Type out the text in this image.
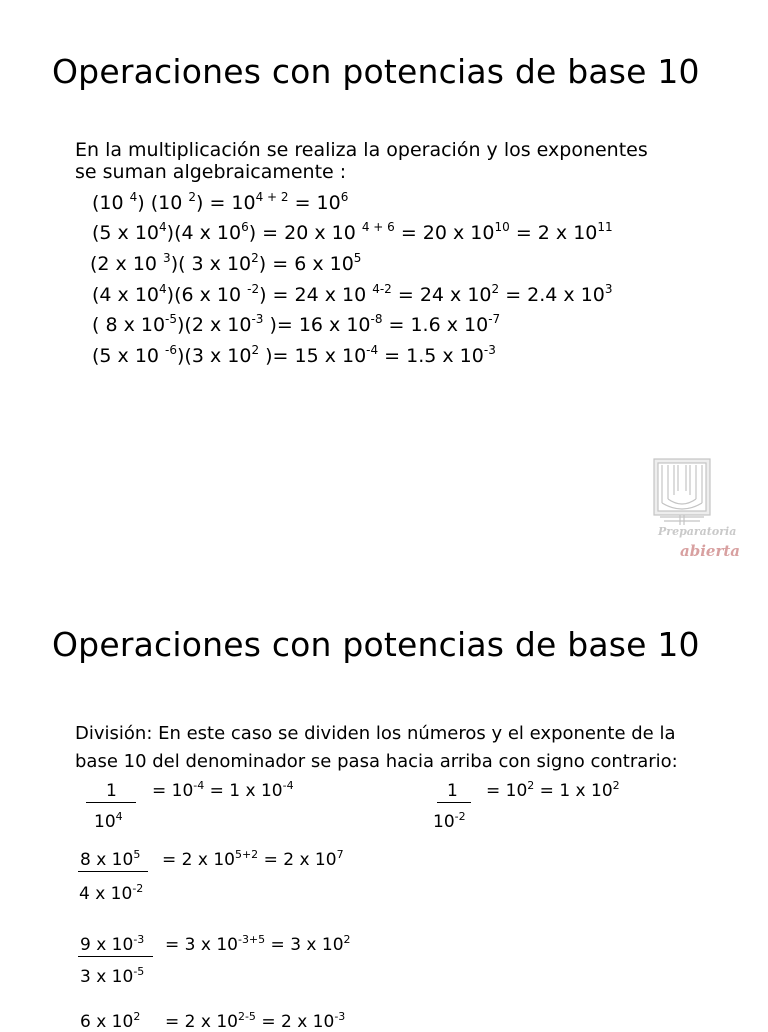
Operaciones con potencias de base 10
En la multiplicación se realiza la operación y los exponentes
se suman algebraicamente :
(10 $^4$) (10 $^2) = 10^{4 + 2} = 10^6$
(5 x $10^4)(4$ x $10^6) = 20$ x 10 $^{4 + 6}$ = 20 x $10^{10} = 2$ x $10^{11}$
(2 x 10 $^3$)( 3 x $10^2) = 6$ x $10^5$
(4 x $10^4)(6$ x 10 $^{-2}$) = 24 x 10 $^{4-2}$ = 24 x $10^2 = 2.4$ x $10^3$
( 8 x $10^{-5})(2$ x $10^{-3}$ )= 16 x $10^{-8} = 1.6$ x $10^{-7}$
(5 x 10 $^{-6}$)(3 x $10^2$ )= 15 x $10^{-4} = 1.5$ x $10^{-3}$
Preparatoria
abierta
Operaciones con potencias de base 10
División: En este caso se dividen los números y el exponente de la
base 10 del denominador se pasa hacia arriba con signo contrario:
1
$10^4$
= $10^{-4} = 1$ x $10^{-4}$	1
$10^{-2}$
= $10^2 = 1$ x $10^2$
8 x $10^5$
4 x $10^{-2}$
= 2 x $10^{5+2} = 2$ x $10^7$
9 x $10^{-3}$
3 x $10^{-5}$
= 3 x $10^{-3+5} = 3$ x $10^2$
6 x $10^2 = 2$ x $10^{2-5} = 2$ x $10^{-3}$
